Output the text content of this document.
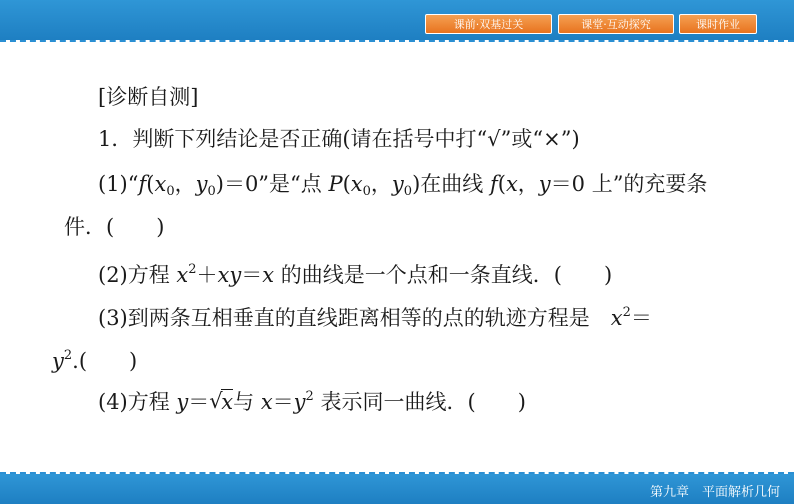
课前·双基过关	课堂·互动探究	课时作业
[诊断自测]
1．判断下列结论是否正确(请在括号中打“√”或“×”)
$(1)“f(x_0$，$y_0)=0$”是“点 $P(x_0$，$y_0$)在曲线 f(x，y＝0 上”的充要条
件．(　　)
(2)方程 $x^2+xy=x$ 的曲线是一个点和一条直线．(　　)
(3)到两条互相垂直的直线距离相等的点的轨迹方程是　$x^2=$
$y^2$.(　　)
(4)方程 y＝√ x与 $x=y^2$ 表示同一曲线．(　　)
第九章　平面解析几何
